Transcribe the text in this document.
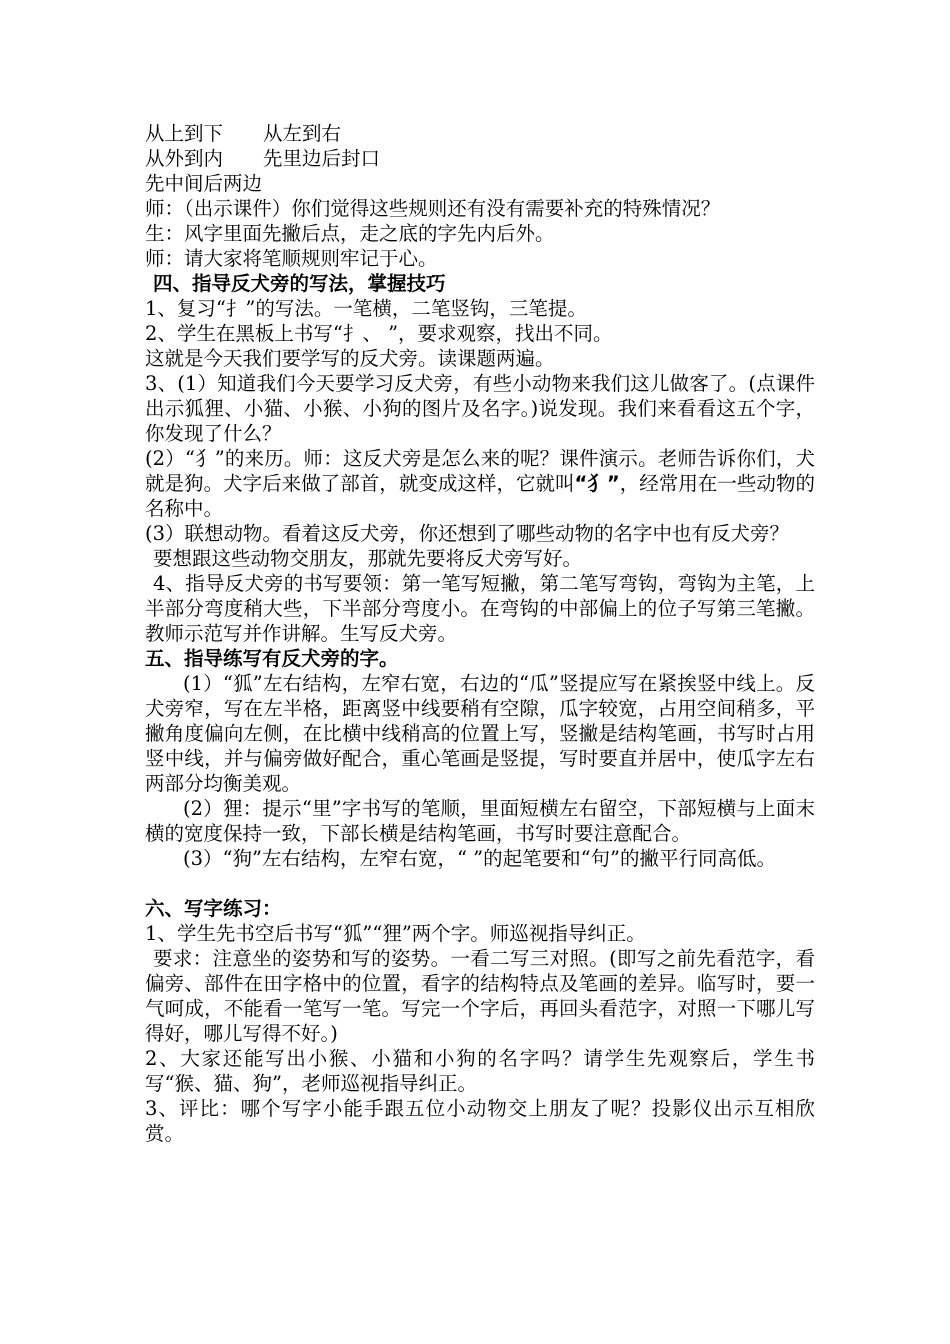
从上到下 从左到右
从外到内 先里边后封口
先中间后两边
师：（出示课件）你们觉得这些规则还有没有需要补充的特殊情况？
生：风字里面先撇后点，走之底的字先内后外。
师：请大家将笔顺规则牢记于心。
四、指导反犬旁的写法，掌握技巧
1、复习“扌”的写法。一笔横，二笔竖钩，三笔提。
2、学生在黑板上书写“扌、 ”，要求观察，找出不同。
这就是今天我们要学写的反犬旁。读课题两遍。
3、(1）知道我们今天要学习反犬旁，有些小动物来我们这儿做客了。(点课件出示狐狸、小猫、小猴、小狗的图片及名字。)说发现。我们来看看这五个字，你发现了什么？
(2）“犭”的来历。师：这反犬旁是怎么来的呢？课件演示。老师告诉你们，犬就是狗。犬字后来做了部首，就变成这样，它就叫“犭”，经常用在一些动物的名称中。
(3）联想动物。看着这反犬旁，你还想到了哪些动物的名字中也有反犬旁？
要想跟这些动物交朋友，那就先要将反犬旁写好。
4、指导反犬旁的书写要领：第一笔写短撇，第二笔写弯钩，弯钩为主笔，上半部分弯度稍大些，下半部分弯度小。在弯钩的中部偏上的位子写第三笔撇。教师示范写并作讲解。生写反犬旁。
五、指导练写有反犬旁的字。
(1）“狐”左右结构，左窄右宽，右边的“瓜”竖提应写在紧挨竖中线上。反犬旁窄，写在左半格，距离竖中线要稍有空隙，瓜字较宽，占用空间稍多，平撇角度偏向左侧，在比横中线稍高的位置上写，竖撇是结构笔画，书写时占用竖中线，并与偏旁做好配合，重心笔画是竖提，写时要直并居中，使瓜字左右两部分均衡美观。
(2）狸：提示“里”字书写的笔顺，里面短横左右留空，下部短横与上面末横的宽度保持一致，下部长横是结构笔画，书写时要注意配合。
(3）“狗”左右结构，左窄右宽，“ ”的起笔要和“句”的撇平行同高低。
六、写字练习：
1、学生先书空后书写“狐”“狸”两个字。师巡视指导纠正。
要求：注意坐的姿势和写的姿势。一看二写三对照。(即写之前先看范字，看偏旁、部件在田字格中的位置，看字的结构特点及笔画的差异。临写时，要一气呵成，不能看一笔写一笔。写完一个字后，再回头看范字，对照一下哪儿写得好，哪儿写得不好。)
2、大家还能写出小猴、小猫和小狗的名字吗？请学生先观察后，学生书写“猴、猫、狗”，老师巡视指导纠正。
3、评比：哪个写字小能手跟五位小动物交上朋友了呢？投影仪出示互相欣赏。
